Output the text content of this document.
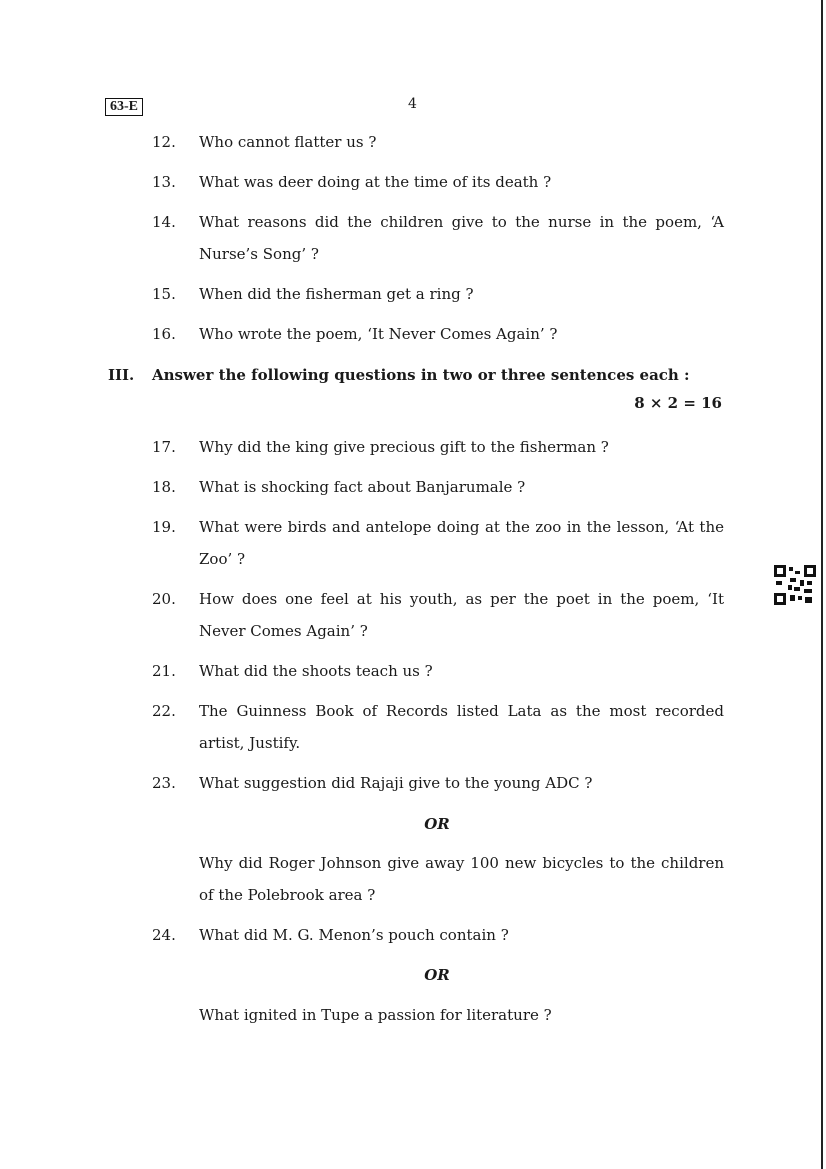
63-E	4
12. Who cannot flatter us ?
13. What was deer doing at the time of its death ?
14. What reasons did the children give to the nurse in the poem, ‘A Nurse’s Song’ ?
15. When did the fisherman get a ring ?
16. Who wrote the poem, ‘It Never Comes Again’ ?
III. Answer the following questions in two or three sentences each :
8 × 2 = 16
17. Why did the king give precious gift to the fisherman ?
18. What is shocking fact about Banjarumale ?
19. What were birds and antelope doing at the zoo in the lesson, ‘At the Zoo’ ?
20. How does one feel at his youth, as per the poet in the poem, ‘It Never Comes Again’ ?
21. What did the shoots teach us ?
22. The Guinness Book of Records listed Lata as the most recorded artist, Justify.
23. What suggestion did Rajaji give to the young ADC ?
OR
Why did Roger Johnson give away 100 new bicycles to the children of the Polebrook area ?
24. What did M. G. Menon’s pouch contain ?
OR
What ignited in Tupe a passion for literature ?
